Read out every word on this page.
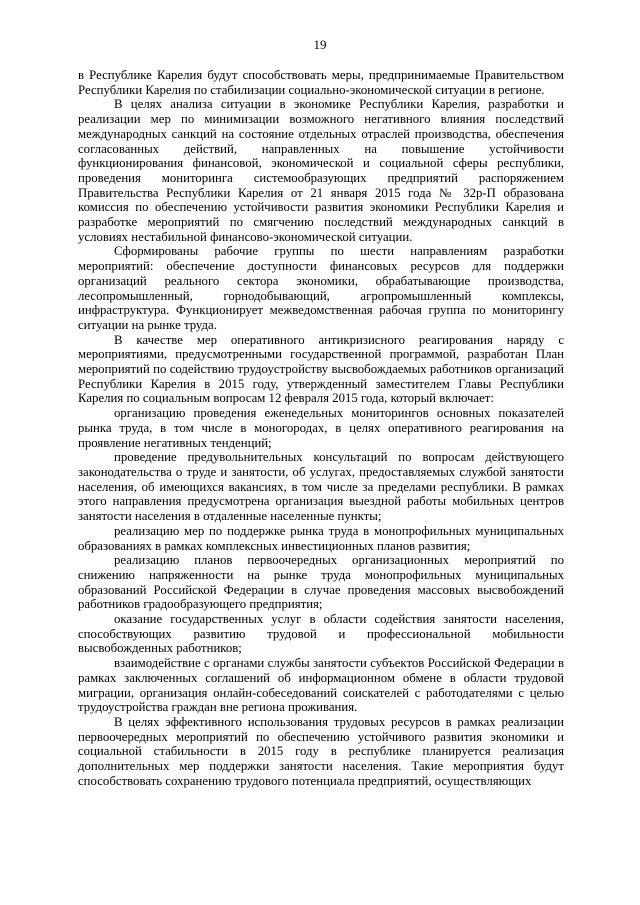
19

в Республике Карелия будут способствовать меры, предпринимаемые Правительством Республики Карелия по стабилизации социально-экономической ситуации в регионе.

В целях анализа ситуации в экономике Республики Карелия, разработки и реализации мер по минимизации возможного негативного влияния последствий международных санкций на состояние отдельных отраслей производства, обеспечения согласованных действий, направленных на повышение устойчивости функционирования финансовой, экономической и социальной сферы республики, проведения мониторинга системообразующих предприятий распоряжением Правительства Республики Карелия от 21 января 2015 года № 32р-П образована комиссия по обеспечению устойчивости развития экономики Республики Карелия и разработке мероприятий по смягчению последствий международных санкций в условиях нестабильной финансово-экономической ситуации.

Сформированы рабочие группы по шести направлениям разработки мероприятий: обеспечение доступности финансовых ресурсов для поддержки организаций реального сектора экономики, обрабатывающие производства, лесопромышленный, горнодобывающий, агропромышленный комплексы, инфраструктура. Функционирует межведомственная рабочая группа по мониторингу ситуации на рынке труда.

В качестве мер оперативного антикризисного реагирования наряду с мероприятиями, предусмотренными государственной программой, разработан План мероприятий по содействию трудоустройству высвобождаемых работников организаций Республики Карелия в 2015 году, утвержденный заместителем Главы Республики Карелия по социальным вопросам 12 февраля 2015 года, который включает:

организацию проведения еженедельных мониторингов основных показателей рынка труда, в том числе в моногородах, в целях оперативного реагирования на проявление негативных тенденций;

проведение предувольнительных консультаций по вопросам действующего законодательства о труде и занятости, об услугах, предоставляемых службой занятости населения, об имеющихся вакансиях, в том числе за пределами республики. В рамках этого направления предусмотрена организация выездной работы мобильных центров занятости населения в отдаленные населенные пункты;

реализацию мер по поддержке рынка труда в монопрофильных муниципальных образованиях в рамках комплексных инвестиционных планов развития;

реализацию планов первоочередных организационных мероприятий по снижению напряженности на рынке труда монопрофильных муниципальных образований Российской Федерации в случае проведения массовых высвобождений работников градообразующего предприятия;

оказание государственных услуг в области содействия занятости населения, способствующих развитию трудовой и профессиональной мобильности высвобожденных работников;

взаимодействие с органами службы занятости субъектов Российской Федерации в рамках заключенных соглашений об информационном обмене в области трудовой миграции, организация онлайн-собеседований соискателей с работодателями с целью трудоустройства граждан вне региона проживания.

В целях эффективного использования трудовых ресурсов в рамках реализации первоочередных мероприятий по обеспечению устойчивого развития экономики и социальной стабильности в 2015 году в республике планируется реализация дополнительных мер поддержки занятости населения. Такие мероприятия будут способствовать сохранению трудового потенциала предприятий, осуществляющих
